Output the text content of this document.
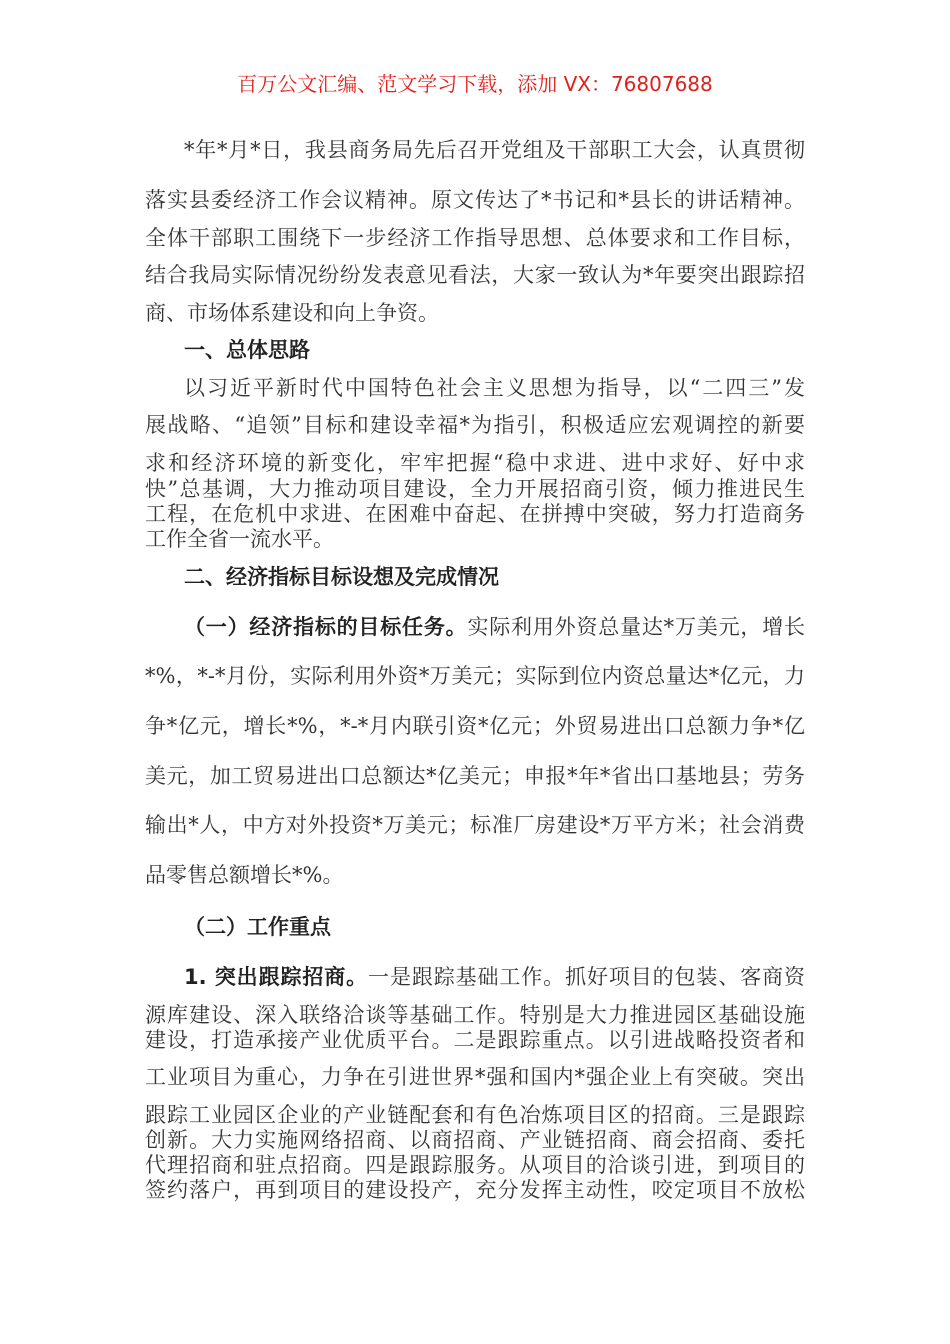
百万公文汇编、范文学习下载，添加 VX：76807688
*年*月*日，我县商务局先后召开党组及干部职工大会，认真贯彻
落实县委经济工作会议精神。原文传达了*书记和*县长的讲话精神。
全体干部职工围绕下一步经济工作指导思想、总体要求和工作目标，
结合我局实际情况纷纷发表意见看法，大家一致认为*年要突出跟踪招
商、市场体系建设和向上争资。
一、总体思路
以习近平新时代中国特色社会主义思想为指导，以“二四三”发
展战略、“追领”目标和建设幸福*为指引，积极适应宏观调控的新要
求和经济环境的新变化，牢牢把握“稳中求进、进中求好、好中求
快”总基调，大力推动项目建设，全力开展招商引资，倾力推进民生
工程，在危机中求进、在困难中奋起、在拼搏中突破，努力打造商务
工作全省一流水平。
二、经济指标目标设想及完成情况
（一）经济指标的目标任务。实际利用外资总量达*万美元，增长
*%，*-*月份，实际利用外资*万美元；实际到位内资总量达*亿元，力
争*亿元，增长*%，*-*月内联引资*亿元；外贸易进出口总额力争*亿
美元，加工贸易进出口总额达*亿美元；申报*年*省出口基地县；劳务
输出*人，中方对外投资*万美元；标准厂房建设*万平方米；社会消费
品零售总额增长*%。
（二）工作重点
1. 突出跟踪招商。一是跟踪基础工作。抓好项目的包装、客商资
源库建设、深入联络洽谈等基础工作。特别是大力推进园区基础设施
建设，打造承接产业优质平台。二是跟踪重点。以引进战略投资者和
工业项目为重心，力争在引进世界*强和国内*强企业上有突破。突出
跟踪工业园区企业的产业链配套和有色冶炼项目区的招商。三是跟踪
创新。大力实施网络招商、以商招商、产业链招商、商会招商、委托
代理招商和驻点招商。四是跟踪服务。从项目的洽谈引进，到项目的
签约落户，再到项目的建设投产，充分发挥主动性，咬定项目不放松
